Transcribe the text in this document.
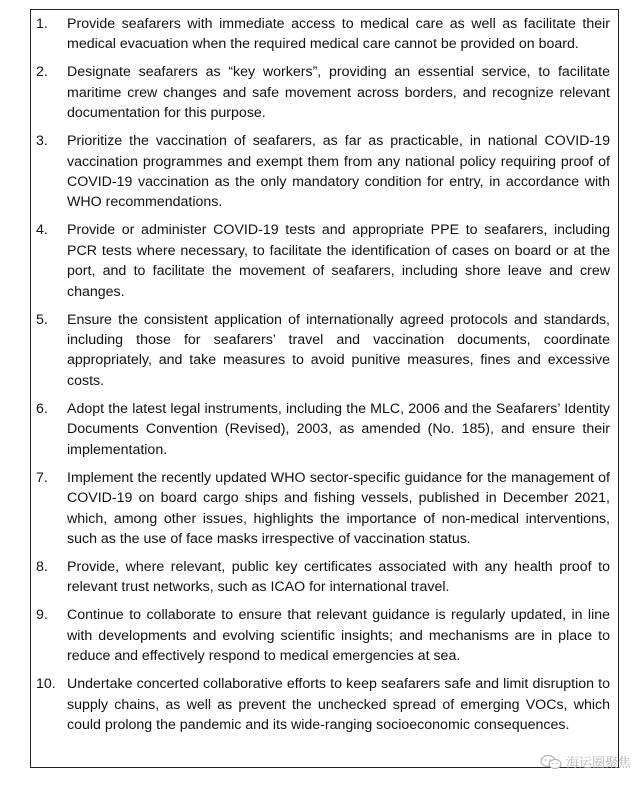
1.	Provide seafarers with immediate access to medical care as well as facilitate their medical evacuation when the required medical care cannot be provided on board.
2.	Designate seafarers as “key workers”, providing an essential service, to facilitate maritime crew changes and safe movement across borders, and recognize relevant documentation for this purpose.
3.	Prioritize the vaccination of seafarers, as far as practicable, in national COVID-19 vaccination programmes and exempt them from any national policy requiring proof of COVID-19 vaccination as the only mandatory condition for entry, in accordance with WHO recommendations.
4.	Provide or administer COVID-19 tests and appropriate PPE to seafarers, including PCR tests where necessary, to facilitate the identification of cases on board or at the port, and to facilitate the movement of seafarers, including shore leave and crew changes.
5.	Ensure the consistent application of internationally agreed protocols and standards, including those for seafarers’ travel and vaccination documents, coordinate appropriately, and take measures to avoid punitive measures, fines and excessive costs.
6.	Adopt the latest legal instruments, including the MLC, 2006 and the Seafarers’ Identity Documents Convention (Revised), 2003, as amended (No. 185), and ensure their implementation.
7.	Implement the recently updated WHO sector-specific guidance for the management of COVID-19 on board cargo ships and fishing vessels, published in December 2021, which, among other issues, highlights the importance of non-medical interventions, such as the use of face masks irrespective of vaccination status.
8.	Provide, where relevant, public key certificates associated with any health proof to relevant trust networks, such as ICAO for international travel.
9.	Continue to collaborate to ensure that relevant guidance is regularly updated, in line with developments and evolving scientific insights; and mechanisms are in place to reduce and effectively respond to medical emergencies at sea.
10. Undertake concerted collaborative efforts to keep seafarers safe and limit disruption to supply chains, as well as prevent the unchecked spread of emerging VOCs, which could prolong the pandemic and its wide-ranging socioeconomic consequences.
海运圈聚焦
